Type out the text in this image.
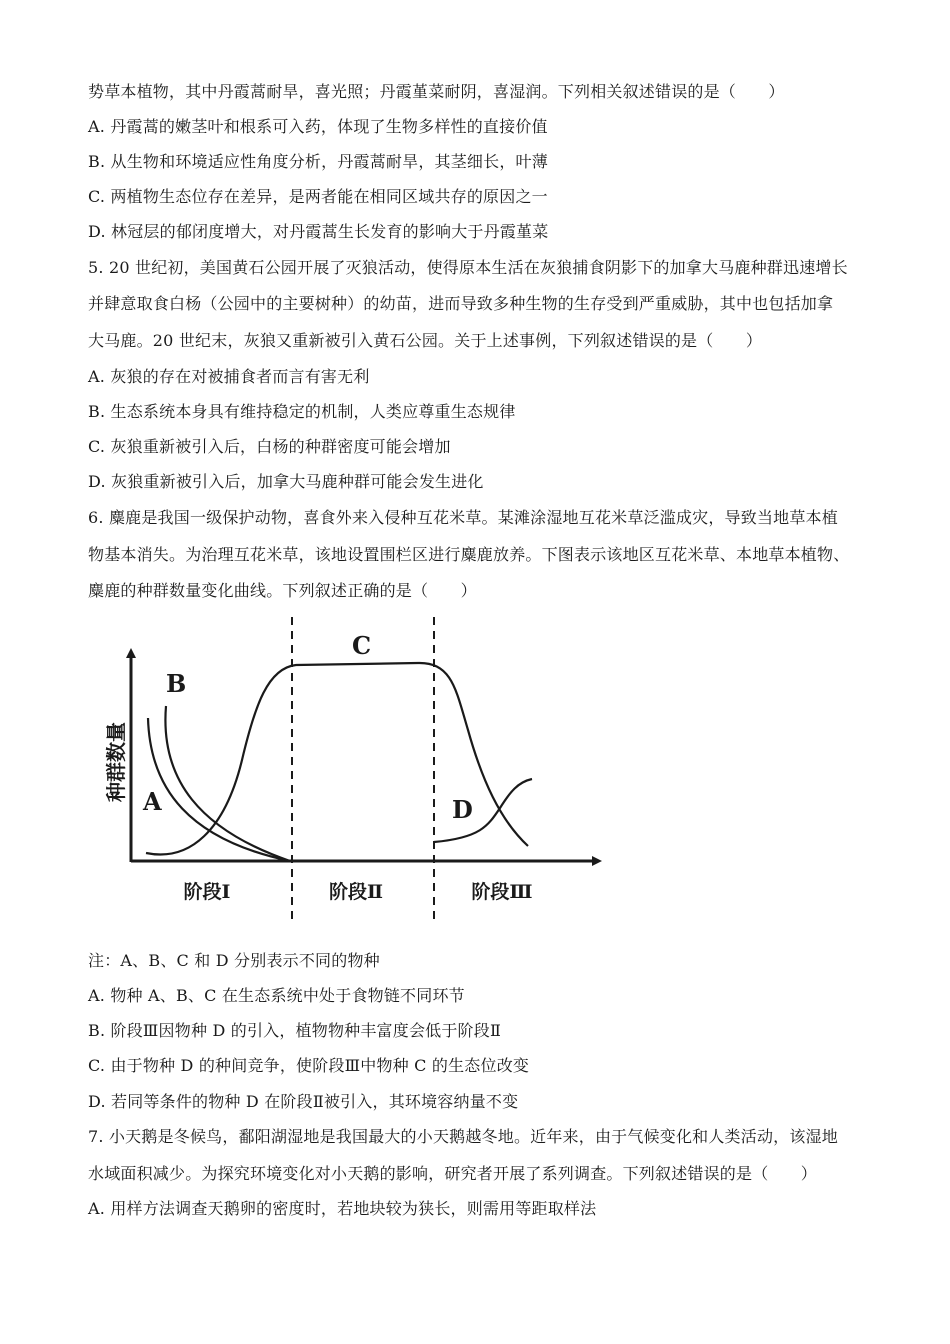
势草本植物，其中丹霞蒿耐旱，喜光照；丹霞堇菜耐阴，喜湿润。下列相关叙述错误的是（　　）
A. 丹霞蒿的嫩茎叶和根系可入药，体现了生物多样性的直接价值
B. 从生物和环境适应性角度分析，丹霞蒿耐旱，其茎细长，叶薄
C. 两植物生态位存在差异，是两者能在相同区域共存的原因之一
D. 林冠层的郁闭度增大，对丹霞蒿生长发育的影响大于丹霞堇菜
5. 20 世纪初，美国黄石公园开展了灭狼活动，使得原本生活在灰狼捕食阴影下的加拿大马鹿种群迅速增长
并肆意取食白杨（公园中的主要树种）的幼苗，进而导致多种生物的生存受到严重威胁，其中也包括加拿
大马鹿。20 世纪末，灰狼又重新被引入黄石公园。关于上述事例，下列叙述错误的是（　　）
A. 灰狼的存在对被捕食者而言有害无利
B. 生态系统本身具有维持稳定的机制，人类应尊重生态规律
C. 灰狼重新被引入后，白杨的种群密度可能会增加
D. 灰狼重新被引入后，加拿大马鹿种群可能会发生进化
6. 麋鹿是我国一级保护动物，喜食外来入侵种互花米草。某滩涂湿地互花米草泛滥成灾，导致当地草本植
物基本消失。为治理互花米草，该地设置围栏区进行麋鹿放养。下图表示该地区互花米草、本地草本植物、
麋鹿的种群数量变化曲线。下列叙述正确的是（　　）
种群数量 A
B
C
D
阶段Ⅰ	阶段Ⅱ	阶段Ⅲ
注：A、B、C 和 D 分别表示不同的物种
A. 物种 A、B、C 在生态系统中处于食物链不同环节
B. 阶段Ⅲ因物种 D 的引入，植物物种丰富度会低于阶段Ⅱ
C. 由于物种 D 的种间竞争，使阶段Ⅲ中物种 C 的生态位改变
D. 若同等条件的物种 D 在阶段Ⅱ被引入，其环境容纳量不变
7. 小天鹅是冬候鸟，鄱阳湖湿地是我国最大的小天鹅越冬地。近年来，由于气候变化和人类活动，该湿地
水域面积减少。为探究环境变化对小天鹅的影响，研究者开展了系列调查。下列叙述错误的是（　　）
A. 用样方法调查天鹅卵的密度时，若地块较为狭长，则需用等距取样法
